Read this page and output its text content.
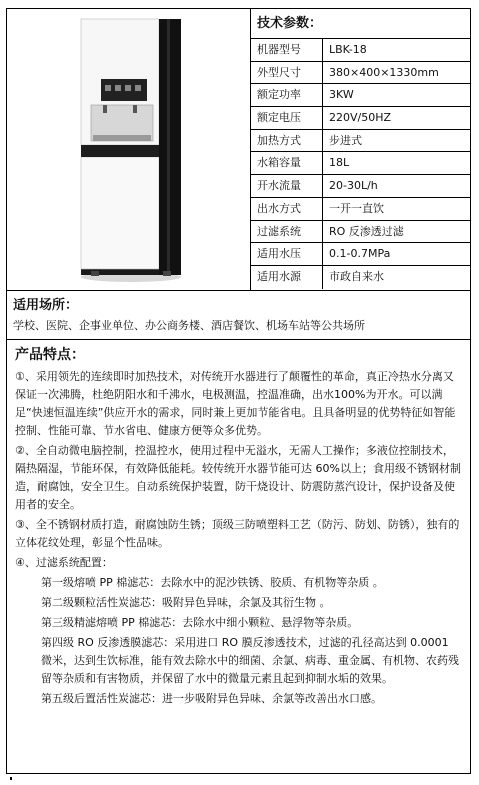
技术参数：
机器型号	LBK-18
外型尺寸	380×400×1330mm
额定功率	3KW
额定电压	220V/50HZ
加热方式	步进式
水箱容量	18L
开水流量	20-30L/h
出水方式	一开一直饮
过滤系统	RO 反渗透过滤
适用水压	0.1-0.7MPa
适用水源	市政自来水
适用场所：
学校、医院、企事业单位、办公商务楼、酒店餐饮、机场车站等公共场所
产品特点：

①、采用领先的连续即时加热技术，对传统开水器进行了颠覆性的革命，真正冷热水分离又保证一次沸腾，杜绝阴阳水和千沸水，电极测温，控温准确，出水100%为开水。可以满足“快速恒温连续”供应开水的需求，同时兼上更加节能省电。且具备明显的优势特征如智能控制、性能可靠、节水省电、健康方便等众多优势。

②、全自动微电脑控制，控温控水，使用过程中无溢水，无需人工操作；多液位控制技术，隔热隔湿，节能环保，有效降低能耗。较传统开水器节能可达 60%以上；食用级不锈钢材制造，耐腐蚀，安全卫生。自动系统保护装置，防干烧设计、防震防蒸汽设计，保护设备及使用者的安全。

③、全不锈钢材质打造，耐腐蚀防生锈；顶级三防喷塑料工艺（防污、防划、防锈），独有的立体花纹处理，彰显个性品味。

④、过滤系统配置：

第一级熔喷 PP 棉滤芯：去除水中的泥沙铁锈、胶质、有机物等杂质 。

第二级颗粒活性炭滤芯：吸附异色异味，余氯及其衍生物 。

第三级精滤熔喷 PP 棉滤芯：去除水中细小颗粒、悬浮物等杂质。

第四级 RO 反渗透膜滤芯：采用进口 RO 膜反渗透技术，过滤的孔径高达到 0.0001 微米，达到生饮标准，能有效去除水中的细菌、余氯、病毒、重金属、有机物、农药残留等杂质和有害物质，并保留了水中的微量元素且起到抑制水垢的效果。

第五级后置活性炭滤芯：进一步吸附异色异味、余氯等改善出水口感。
